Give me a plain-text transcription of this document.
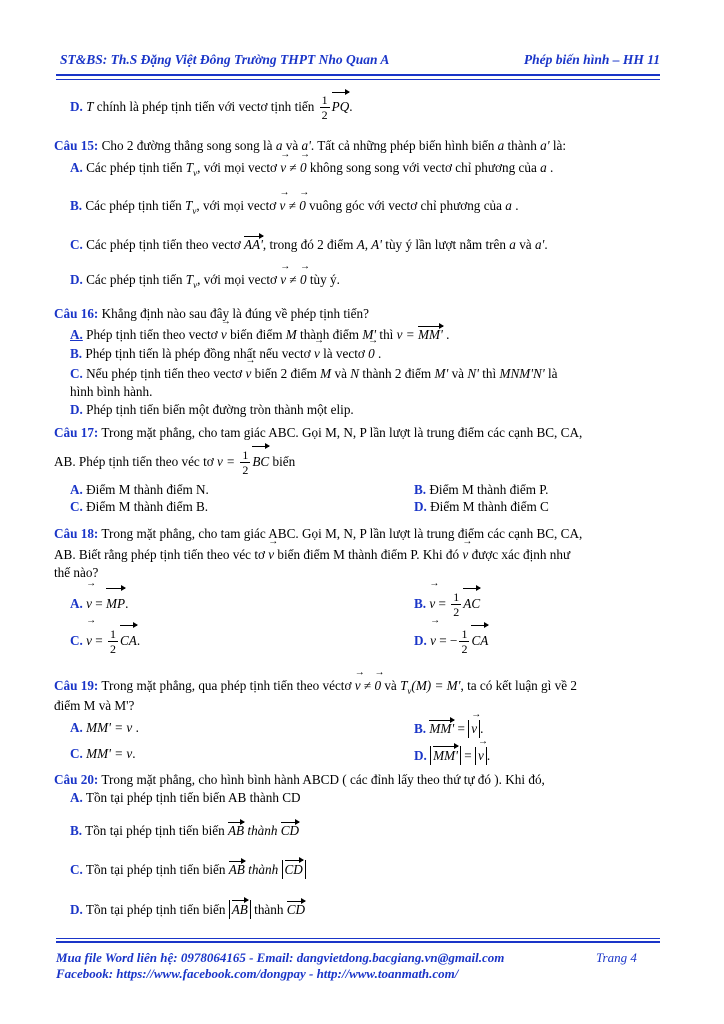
ST&BS: Th.S Đặng Việt Đông Trường THPT Nho Quan A	Phép biến hình – HH 11
D. T chính là phép tịnh tiến với vectơ tịnh tiến $\frac{1}{2}$ PQ.
Câu 15: Cho 2 đường thẳng song song là a và a'. Tất cả những phép biến hình biến a thành a' là:
A. Các phép tịnh tiến $T_v$, với mọi vectơ → v ≠ → 0 không song song với vectơ chỉ phương của a .
B. Các phép tịnh tiến $T_v$, với mọi vectơ → v ≠ → 0 vuông góc với vectơ chỉ phương của a .
C. Các phép tịnh tiến theo vectơ AA', trong đó 2 điểm A, A' tùy ý lần lượt nằm trên a và a'.
D. Các phép tịnh tiến $T_v$, với mọi vectơ → v ≠ → 0 tùy ý.
Câu 16: Khẳng định nào sau đây là đúng về phép tịnh tiến?
A. Phép tịnh tiến theo vectơ → v biến điểm M thành điểm M' thì v = MM' .
B. Phép tịnh tiến là phép đồng nhất nếu vectơ → v là vectơ → 0 .
C. Nếu phép tịnh tiến theo vectơ → v biến 2 điểm M và N thành 2 điểm M' và N' thì MNM'N' là
hình bình hành.
D. Phép tịnh tiến biến một đường tròn thành một elip.
Câu 17: Trong mặt phẳng, cho tam giác ABC. Gọi M, N, P lần lượt là trung điểm các cạnh BC, CA,
AB. Phép tịnh tiến theo véc tơ $v = \frac{1}{2}$ BC biến
A. Điểm M thành điểm N.	B. Điểm M thành điểm P.
C. Điểm M thành điểm B.	D. Điểm M thành điểm C
Câu 18: Trong mặt phẳng, cho tam giác ABC. Gọi M, N, P lần lượt là trung điểm các cạnh BC, CA,
AB. Biết rằng phép tịnh tiến theo véc tơ → v biến điểm M thành điểm P. Khi đó → v được xác định như
thế nào?
A. → v = MP.	B. → $v = \frac{1}{2}$ AC
C. → $v = \frac{1}{2}$ CA.	D. → v = − $\frac{1}{2}$ CA
Câu 19: Trong mặt phẳng, qua phép tịnh tiến theo véctơ → v ≠ → 0 và $T_v(M) = M'$, ta có kết luận gì về 2
điểm M và M'?
A. MM' = v .	B. MM' = → v .
C. MM' = v.	D. MM' = → v .
Câu 20: Trong mặt phẳng, cho hình bình hành ABCD ( các đỉnh lấy theo thứ tự đó ). Khi đó,
A. Tồn tại phép tịnh tiến biến AB thành CD
B. Tồn tại phép tịnh tiến biến AB thành CD
C. Tồn tại phép tịnh tiến biến AB thành CD
D. Tồn tại phép tịnh tiến biến AB thành CD
Mua file Word liên hệ: 0978064165 - Email: dangvietdong.bacgiang.vn@gmail.com	Trang 4
Facebook: https://www.facebook.com/dongpay - http://www.toanmath.com/
